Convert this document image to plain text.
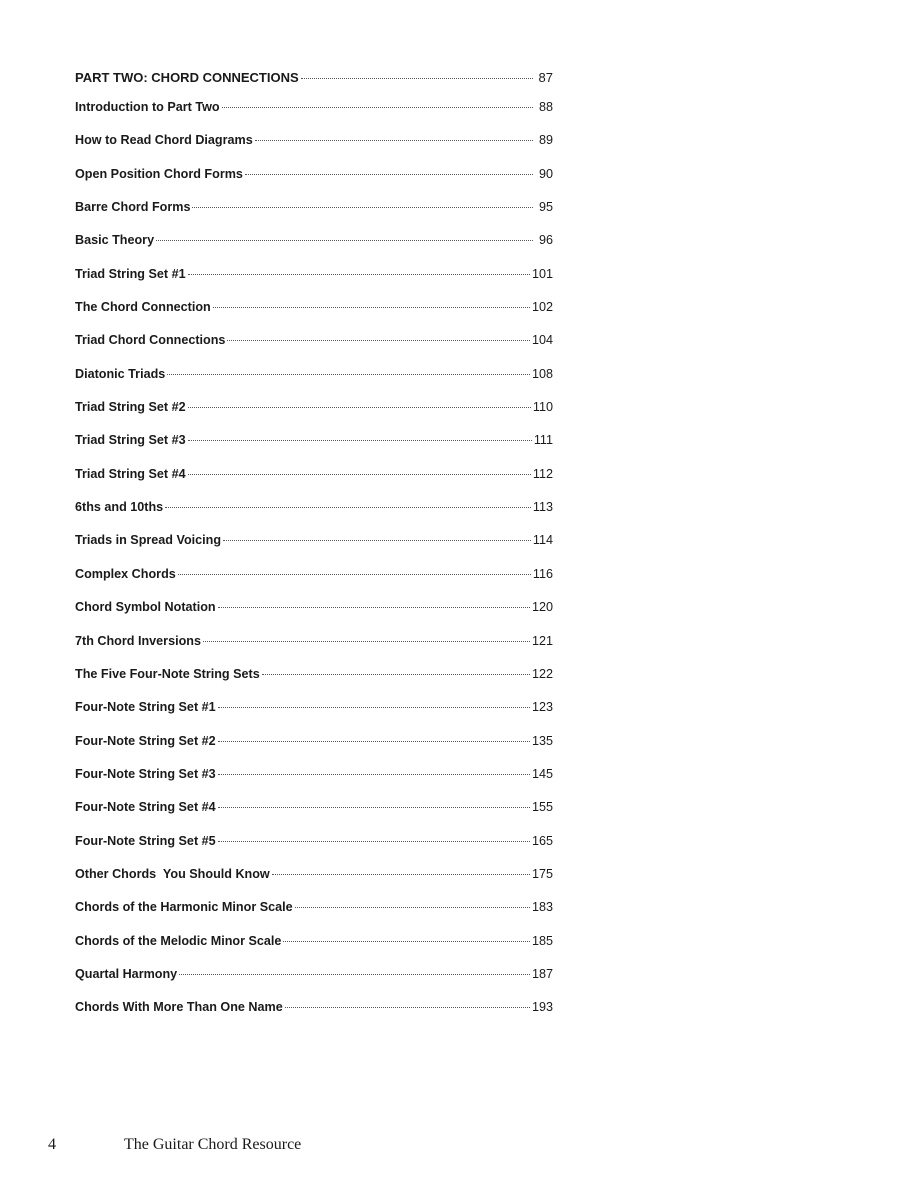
PART TWO: CHORD CONNECTIONS	87
Introduction to Part Two	88
How to Read Chord Diagrams	89
Open Position Chord Forms	90
Barre Chord Forms	95
Basic Theory	96
Triad String Set #1	101
The Chord Connection	102
Triad Chord Connections	104
Diatonic Triads	108
Triad String Set #2	110
Triad String Set #3	111
Triad String Set #4	112
6ths and 10ths	113
Triads in Spread Voicing	114
Complex Chords	116
Chord Symbol Notation	120
7th Chord Inversions	121
The Five Four-Note String Sets	122
Four-Note String Set #1	123
Four-Note String Set #2	135
Four-Note String Set #3	145
Four-Note String Set #4	155
Four-Note String Set #5	165
Other Chords  You Should Know	175
Chords of the Harmonic Minor Scale	183
Chords of the Melodic Minor Scale	185
Quartal Harmony	187
Chords With More Than One Name	193
4	The Guitar Chord Resource
